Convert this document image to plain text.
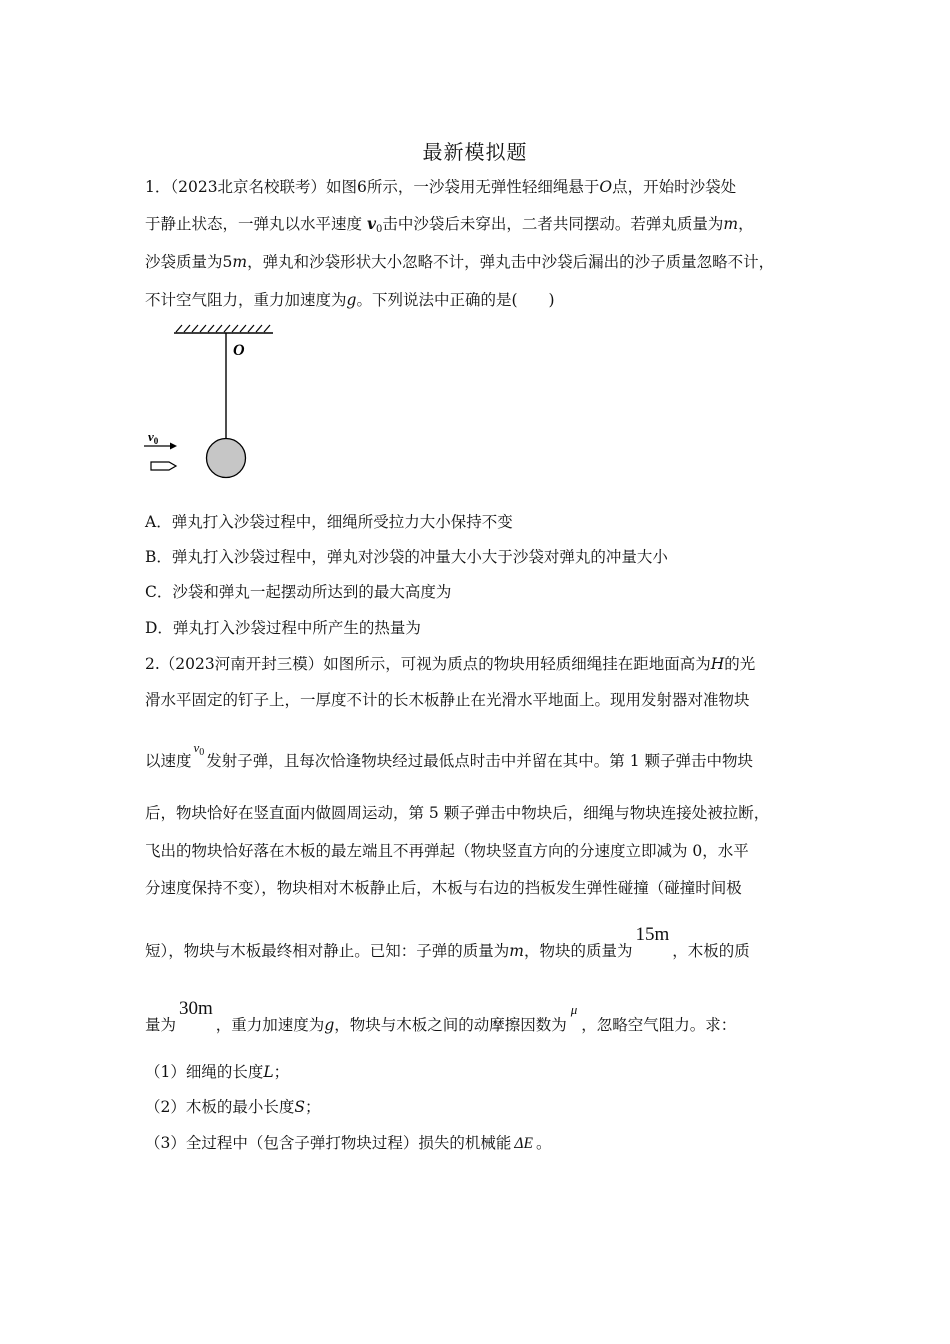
最新模拟题
1．（2023北京名校联考）如图6所示，一沙袋用无弹性轻细绳悬于O点，开始时沙袋处
于静止状态，一弹丸以水平速度 $v_0$击中沙袋后未穿出，二者共同摆动。若弹丸质量为m，
沙袋质量为5m，弹丸和沙袋形状大小忽略不计，弹丸击中沙袋后漏出的沙子质量忽略不计，
不计空气阻力，重力加速度为g。下列说法中正确的是(　　)
O
$v_0$
A．弹丸打入沙袋过程中，细绳所受拉力大小保持不变
B．弹丸打入沙袋过程中，弹丸对沙袋的冲量大小大于沙袋对弹丸的冲量大小
C．沙袋和弹丸一起摆动所达到的最大高度为
D．弹丸打入沙袋过程中所产生的热量为
2.（2023河南开封三模）如图所示，可视为质点的物块用轻质细绳挂在距地面高为H的光
滑水平固定的钉子上，一厚度不计的长木板静止在光滑水平地面上。现用发射器对准物块
以速度$^{v_0}$ 发射子弹，且每次恰逢物块经过最低点时击中并留在其中。第 1 颗子弹击中物块
后，物块恰好在竖直面内做圆周运动，第 5 颗子弹击中物块后，细绳与物块连接处被拉断，
飞出的物块恰好落在木板的最左端且不再弹起（物块竖直方向的分速度立即减为 0，水平
分速度保持不变），物块相对木板静止后，木板与右边的挡板发生弹性碰撞（碰撞时间极
短），物块与木板最终相对静止。已知：子弹的质量为m，物块的质量为15m，木板的质
量为30m，重力加速度为g，物块与木板之间的动摩擦因数为$^\mu$，忽略空气阻力。求：
（1）细绳的长度L；
（2）木板的最小长度S；
（3）全过程中（包含子弹打物块过程）损失的机械能 ΔE 。
